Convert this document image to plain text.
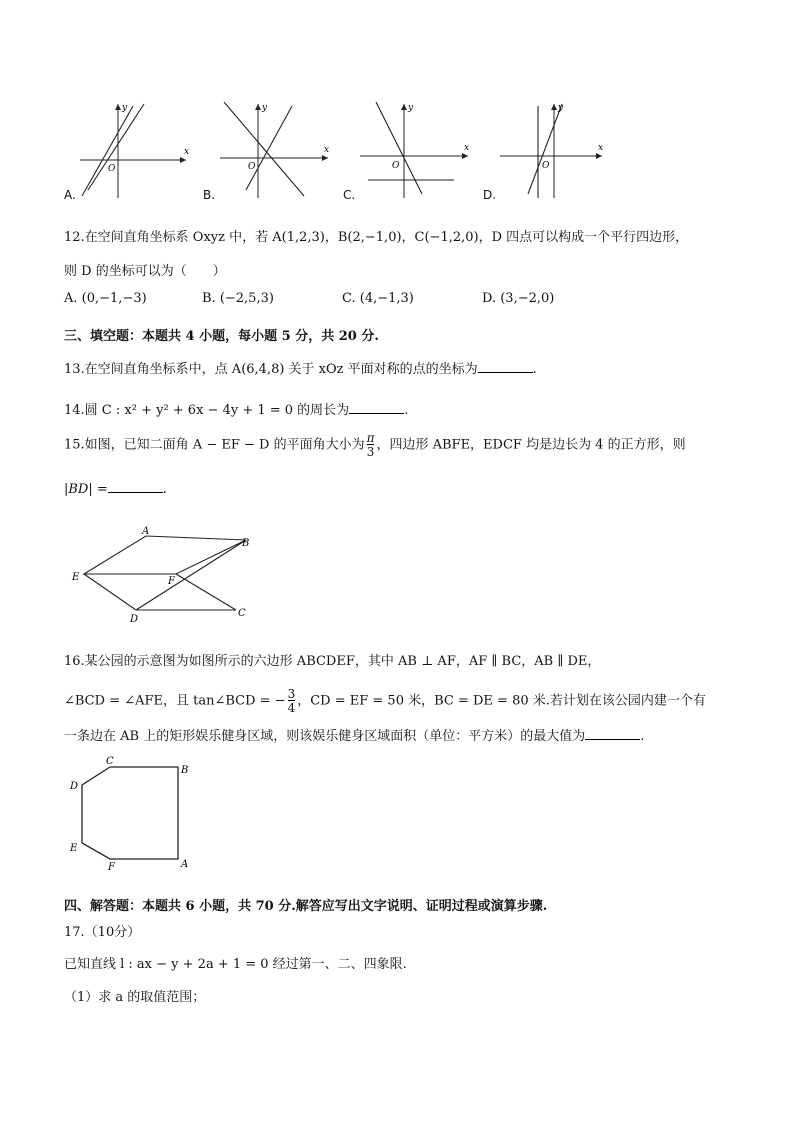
y
x
O
A.
y
x
O
B.
y
x
O
C.
y
x
O
D.
12.在空间直角坐标系 Oxyz 中，若 A(1,2,3)，B(2,−1,0)，C(−1,2,0)，D 四点可以构成一个平行四边形，
则 D 的坐标可以为（　　）
A. (0,−1,−3)	B. (−2,5,3)	C. (4,−1,3)	D. (3,−2,0)
三、填空题：本题共 4 小题，每小题 5 分，共 20 分.
13.在空间直角坐标系中，点 A(6,4,8) 关于 xOz 平面对称的点的坐标为	.
14.圆 C : x² + y² + 6x − 4y + 1 = 0 的周长为	.
15.如图，已知二面角 A − EF − D 的平面角大小为 $\frac{\pi}{3}$ ，四边形 ABFE，EDCF 均是边长为 4 的正方形，则
|BD| =	.
A
B
E	F
D
C
16.某公园的示意图为如图所示的六边形 ABCDEF，其中 AB ⊥ AF，AF ∥ BC，AB ∥ DE，
∠BCD = ∠AFE，且 tan∠BCD = − $\frac{3}{4}$ ，CD = EF = 50 米，BC = DE = 80 米.若计划在该公园内建一个有
一条边在 AB 上的矩形娱乐健身区域，则该娱乐健身区域面积（单位：平方米）的最大值为	.
C
B
D
E
F	A
四、解答题：本题共 6 小题，共 70 分.解答应写出文字说明、证明过程或演算步骤.
17.（10分）
已知直线 l : ax − y + 2a + 1 = 0 经过第一、二、四象限.
（1）求 a 的取值范围；
